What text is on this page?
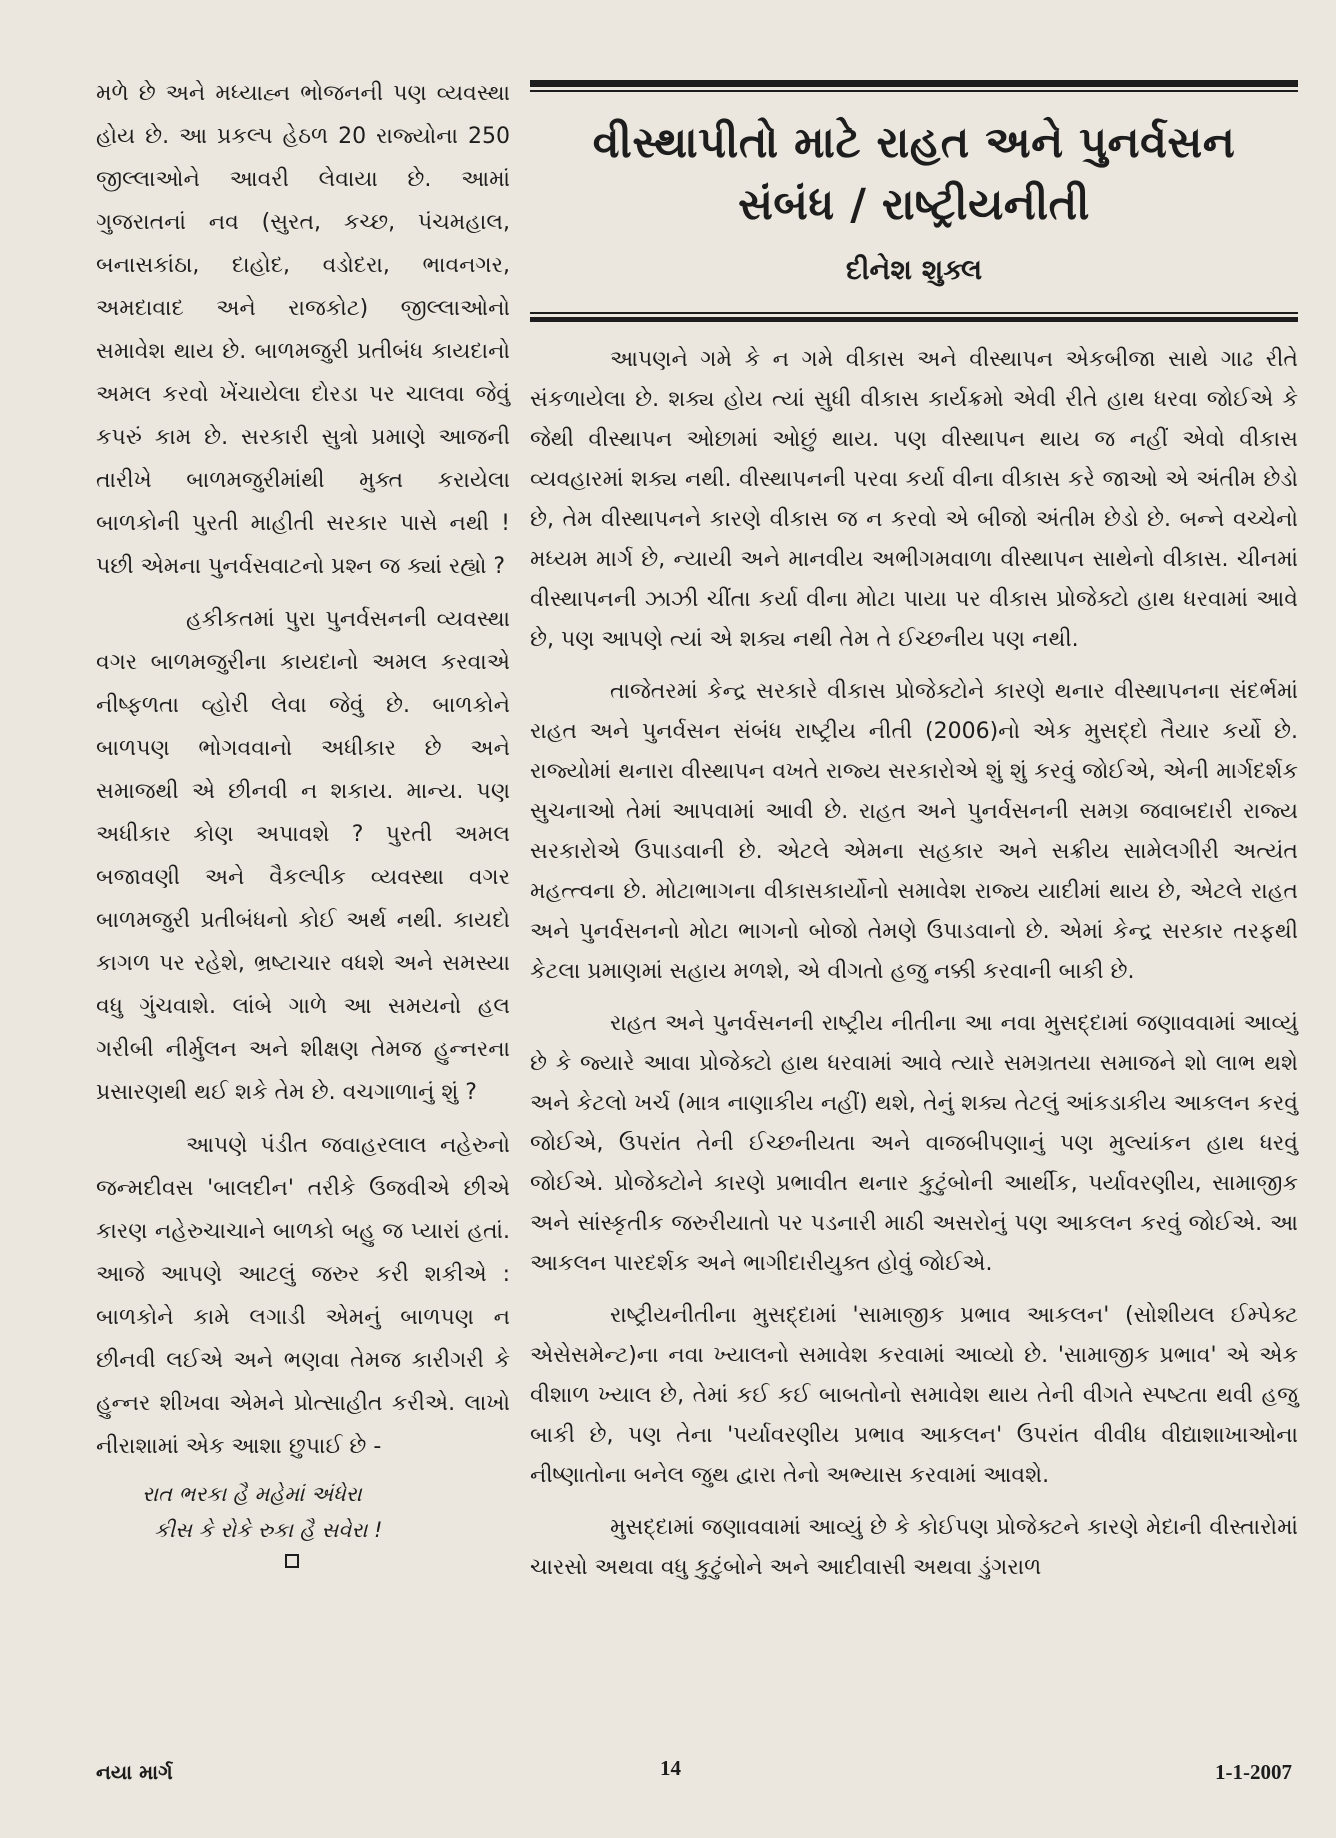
મળે છે અને મધ્યાહ્ન ભોજનની પણ વ્યવસ્થા હોય છે. આ પ્રકલ્પ હેઠળ 20 રાજ્યોના 250 જીલ્લાઓને આવરી લેવાયા છે. આમાં ગુજરાતનાં નવ (સુરત, કચ્છ, પંચમહાલ, બનાસકાંઠા, દાહોદ, વડોદરા, ભાવનગર, અમદાવાદ અને રાજકોટ) જીલ્લાઓનો સમાવેશ થાય છે. બાળમજુરી પ્રતીબંધ કાયદાનો અમલ કરવો ખેંચાયેલા દોરડા પર ચાલવા જેવું કપરું કામ છે. સરકારી સુત્રો પ્રમાણે આજની તારીખે બાળમજુરીમાંથી મુક્ત કરાયેલા બાળકોની પુરતી માહીતી સરકાર પાસે નથી ! પછી એમના પુનર્વસવાટનો પ્રશ્ન જ ક્યાં રહ્યો ?

હકીકતમાં પુરા પુનર્વસનની વ્યવસ્થા વગર બાળમજુરીના કાયદાનો અમલ કરવાએ નીષ્ફળતા વ્હોરી લેવા જેવું છે. બાળકોને બાળપણ ભોગવવાનો અધીકાર છે અને સમાજથી એ છીનવી ન શકાય. માન્ય. પણ અધીકાર કોણ અપાવશે ? પુરતી અમલ બજાવણી અને વૈકલ્પીક વ્યવસ્થા વગર બાળમજુરી પ્રતીબંધનો કોઈ અર્થ નથી. કાયદો કાગળ પર રહેશે, ભ્રષ્ટાચાર વધશે અને સમસ્યા વધુ ગુંચવાશે. લાંબે ગાળે આ સમયનો હલ ગરીબી નીર્મુલન અને શીક્ષણ તેમજ હુન્નરના પ્રસારણથી થઈ શકે તેમ છે. વચગાળાનું શું ?

આપણે પંડીત જવાહરલાલ નહેરુનો જન્મદીવસ 'બાલદીન' તરીકે ઉજવીએ છીએ કારણ નહેરુચાચાને બાળકો બહુ જ પ્યારાં હતાં. આજે આપણે આટલું જરુર કરી શકીએ : બાળકોને કામે લગાડી એમનું બાળપણ ન છીનવી લઈએ અને ભણવા તેમજ કારીગરી કે હુન્નર શીખવા એમને પ્રોત્સાહીત કરીએ. લાખો નીરાશામાં એક આશા છુપાઈ છે -

રાત ભરકા હૈ મહેમાં અંધેરા
કીસ કે રોકે રુકા હૈ સવેરા !
વીસ્થાપીતો માટે રાહત અને પુનર્વસન
સંબંધ / રાષ્ટ્રીયનીતી
દીનેશ શુક્લ

આપણને ગમે કે ન ગમે વીકાસ અને વીસ્થાપન એકબીજા સાથે ગાઢ રીતે સંકળાયેલા છે. શક્ય હોય ત્યાં સુધી વીકાસ કાર્યક્રમો એવી રીતે હાથ ધરવા જોઈએ કે જેથી વીસ્થાપન ઓછામાં ઓછું થાય. પણ વીસ્થાપન થાય જ નહીં એવો વીકાસ વ્યવહારમાં શક્ય નથી. વીસ્થાપનની પરવા કર્યા વીના વીકાસ કરે જાઓ એ અંતીમ છેડો છે, તેમ વીસ્થાપનને કારણે વીકાસ જ ન કરવો એ બીજો અંતીમ છેડો છે. બન્ને વચ્ચેનો મધ્યમ માર્ગ છે, ન્યાયી અને માનવીય અભીગમવાળા વીસ્થાપન સાથેનો વીકાસ. ચીનમાં વીસ્થાપનની ઝાઝી ચીંતા કર્યા વીના મોટા પાયા પર વીકાસ પ્રોજેક્ટો હાથ ધરવામાં આવે છે, પણ આપણે ત્યાં એ શક્ય નથી તેમ તે ઈચ્છનીય પણ નથી.

તાજેતરમાં કેન્દ્ર સરકારે વીકાસ પ્રોજેક્ટોને કારણે થનાર વીસ્થાપનના સંદર્ભમાં રાહત અને પુનર્વસન સંબંધ રાષ્ટ્રીય નીતી (2006)નો એક મુસદ્દો તૈયાર કર્યો છે. રાજ્યોમાં થનારા વીસ્થાપન વખતે રાજ્ય સરકારોએ શું શું કરવું જોઈએ, એની માર્ગદર્શક સુચનાઓ તેમાં આપવામાં આવી છે. રાહત અને પુનર્વસનની સમગ્ર જવાબદારી રાજ્ય સરકારોએ ઉપાડવાની છે. એટલે એમના સહકાર અને સક્રીય સામેલગીરી અત્યંત મહત્ત્વના છે. મોટાભાગના વીકાસકાર્યોનો સમાવેશ રાજ્ય યાદીમાં થાય છે, એટલે રાહત અને પુનર્વસનનો મોટા ભાગનો બોજો તેમણે ઉપાડવાનો છે. એમાં કેન્દ્ર સરકાર તરફથી કેટલા પ્રમાણમાં સહાય મળશે, એ વીગતો હજુ નક્કી કરવાની બાકી છે.

રાહત અને પુનર્વસનની રાષ્ટ્રીય નીતીના આ નવા મુસદ્દામાં જણાવવામાં આવ્યું છે કે જ્યારે આવા પ્રોજેક્ટો હાથ ધરવામાં આવે ત્યારે સમગ્રતયા સમાજને શો લાભ થશે અને કેટલો ખર્ચ (માત્ર નાણાકીય નહીં) થશે, તેનું શક્ય તેટલું આંકડાકીય આકલન કરવું જોઈએ, ઉપરાંત તેની ઈચ્છનીયતા અને વાજબીપણાનું પણ મુલ્યાંકન હાથ ધરવું જોઈએ. પ્રોજેક્ટોને કારણે પ્રભાવીત થનાર કુટુંબોની આર્થીક, પર્યાવરણીય, સામાજીક અને સાંસ્કૃતીક જરુરીયાતો પર પડનારી માઠી અસરોનું પણ આકલન કરવું જોઈએ. આ આકલન પારદર્શક અને ભાગીદારીયુક્ત હોવું જોઈએ.

રાષ્ટ્રીયનીતીના મુસદ્દામાં 'સામાજીક પ્રભાવ આકલન' (સોશીયલ ઈમ્પેક્ટ એસેસમેન્ટ)ના નવા ખ્યાલનો સમાવેશ કરવામાં આવ્યો છે. 'સામાજીક પ્રભાવ' એ એક વીશાળ ખ્યાલ છે, તેમાં કઈ કઈ બાબતોનો સમાવેશ થાય તેની વીગતે સ્પષ્ટતા થવી હજુ બાકી છે, પણ તેના 'પર્યાવરણીય પ્રભાવ આકલન' ઉપરાંત વીવીધ વીદ્યાશાખાઓના નીષ્ણાતોના બનેલ જુથ દ્વારા તેનો અભ્યાસ કરવામાં આવશે.

મુસદ્દામાં જણાવવામાં આવ્યું છે કે કોઈપણ પ્રોજેક્ટને કારણે મેદાની વીસ્તારોમાં ચારસો અથવા વધુ કુટુંબોને અને આદીવાસી અથવા ડુંગરાળ

નયા માર્ગ	14	1-1-2007
